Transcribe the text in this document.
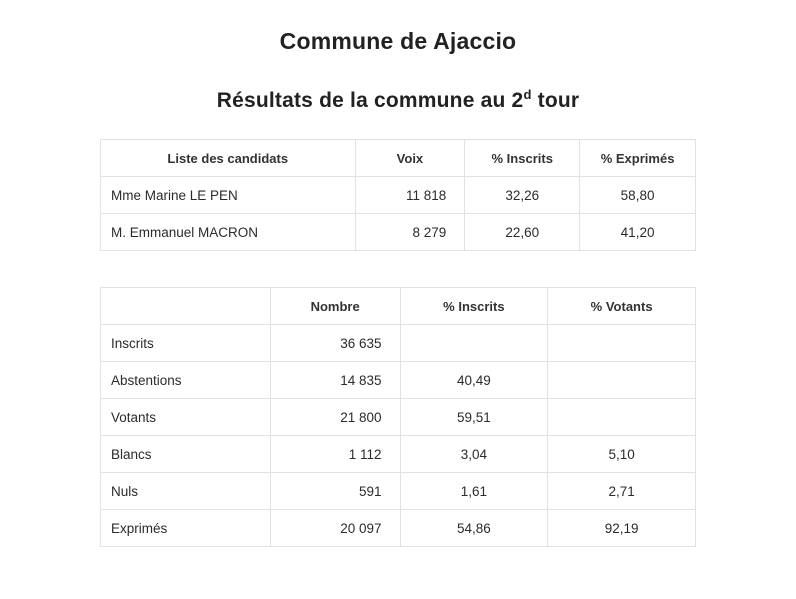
Commune de Ajaccio
Résultats de la commune au 2$^d$ tour
Liste des candidats	Voix	% Inscrits	% Exprimés
Mme Marine LE PEN	11 818	32,26	58,80
M. Emmanuel MACRON	8 279	22,60	41,20
	Nombre	% Inscrits	% Votants
Inscrits	36 635		
Abstentions	14 835	40,49	
Votants	21 800	59,51	
Blancs	1 112	3,04	5,10
Nuls	591	1,61	2,71
Exprimés	20 097	54,86	92,19
